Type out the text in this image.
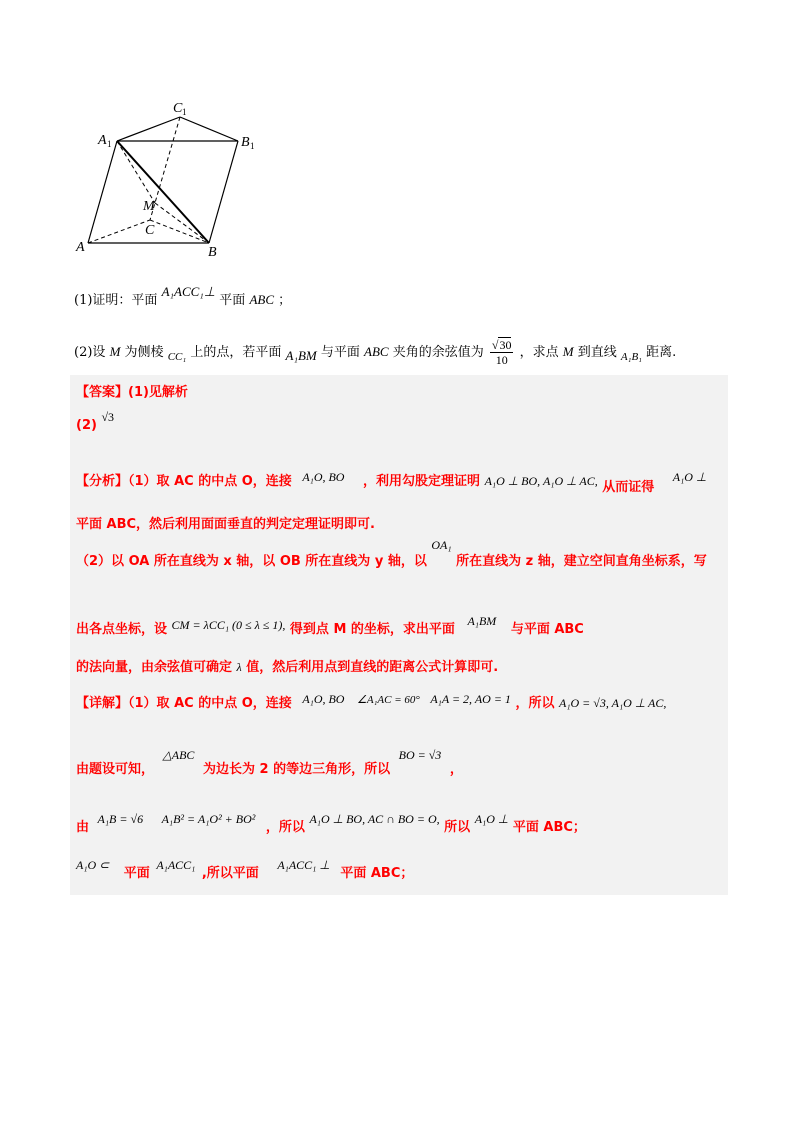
C 1
A 1	B 1
M
C
A	B
(1)证明：平面 A₁ACC₁⊥ 平面 ABC ；
(2)设 M 为侧棱 $_{CC_1}$ 上的点，若平面 A₁BM 与平面 ABC 夹角的余弦值为 $\frac{√30}{10}$ ，求点 M 到直线 $_{A_1B_1}$ 距离.
【答案】(1)见解析
(2) √3
【分析】（1）取 AC 的中点 O，连接 A₁O, BO ，利用勾股定理证明 A₁O ⊥ BO, A₁O ⊥ AC, 从而证得 A₁O ⊥
平面 ABC，然后利用面面垂直的判定定理证明即可.
（2）以 OA 所在直线为 x 轴，以 OB 所在直线为 y 轴，以 OA₁ 所在直线为 z 轴，建立空间直角坐标系，写
出各点坐标，设 CM = λCC₁ (0 ≤ λ ≤ 1), 得到点 M 的坐标，求出平面 A₁BM 与平面 ABC
的法向量，由余弦值可确定 λ 值，然后利用点到直线的距离公式计算即可.
【详解】（1）取 AC 的中点 O，连接 A₁O, BO $^{\angle A_1AC = 60^\circ}$ A₁A = 2, AO = 1 ，所以 A₁O = √3, A₁O ⊥ AC,
由题设可知， △ABC 为边长为 2 的等边三角形，所以 BO = √3 ，
由 A₁B = √6 A₁B² = A₁O² + BO² ，所以 A₁O ⊥ BO, AC ∩ BO = O, 所以 A₁O ⊥ 平面 ABC；
A₁O ⊂ 平面 A₁ACC₁ ,所以平面 A₁ACC₁ ⊥ 平面 ABC；
